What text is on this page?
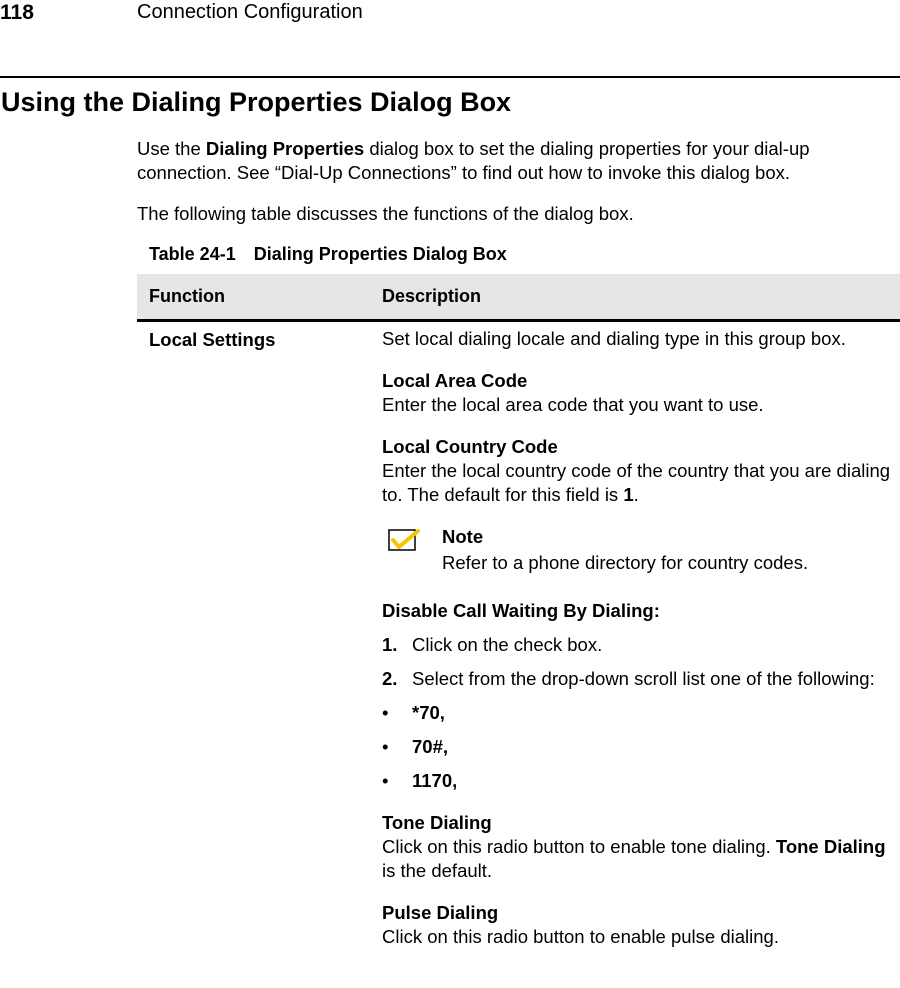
118	Connection Configuration
Using the Dialing Properties Dialog Box

Use the Dialing Properties dialog box to set the dialing properties for your dial-up connection. See “Dial-Up Connections” to find out how to invoke this dialog box.

The following table discusses the functions of the dialog box.

Table 24-1 Dialing Properties Dialog Box
Function	Description
Local Settings	Set local dialing locale and dialing type in this group box.

Local Area Code

Enter the local area code that you want to use.

Local Country Code

Enter the local country code of the country that you are dialing to. The default for this field is 1.

Note
Refer to a phone directory for country codes.

Disable Call Waiting By Dialing:

1. Click on the check box.

2. Select from the drop-down scroll list one of the following:

• *70,

• 70#,

• 1170,

Tone Dialing

Click on this radio button to enable tone dialing. Tone Dialing is the default.

Pulse Dialing

Click on this radio button to enable pulse dialing.
